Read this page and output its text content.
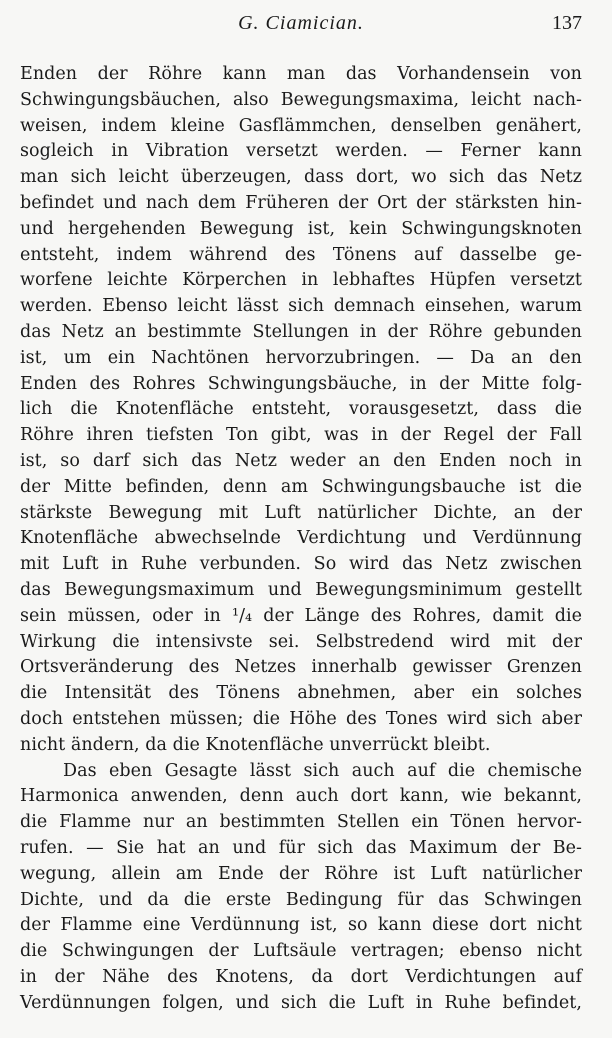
G. Ciamician.	137
Enden der Röhre kann man das Vorhandensein von
Schwingungsbäuchen, also Bewegungsmaxima, leicht nach-
weisen, indem kleine Gasflämmchen, denselben genähert,
sogleich in Vibration versetzt werden. — Ferner kann
man sich leicht überzeugen, dass dort, wo sich das Netz
befindet und nach dem Früheren der Ort der stärksten hin-
und hergehenden Bewegung ist, kein Schwingungsknoten
entsteht, indem während des Tönens auf dasselbe ge-
worfene leichte Körperchen in lebhaftes Hüpfen versetzt
werden. Ebenso leicht lässt sich demnach einsehen, warum
das Netz an bestimmte Stellungen in der Röhre gebunden
ist, um ein Nachtönen hervorzubringen. — Da an den
Enden des Rohres Schwingungsbäuche, in der Mitte folg-
lich die Knotenfläche entsteht, vorausgesetzt, dass die
Röhre ihren tiefsten Ton gibt, was in der Regel der Fall
ist, so darf sich das Netz weder an den Enden noch in
der Mitte befinden, denn am Schwingungsbauche ist die
stärkste Bewegung mit Luft natürlicher Dichte, an der
Knotenfläche abwechselnde Verdichtung und Verdünnung
mit Luft in Ruhe verbunden. So wird das Netz zwischen
das Bewegungsmaximum und Bewegungsminimum gestellt
sein müssen, oder in ¹/₄ der Länge des Rohres, damit die
Wirkung die intensivste sei. Selbstredend wird mit der
Ortsveränderung des Netzes innerhalb gewisser Grenzen
die Intensität des Tönens abnehmen, aber ein solches
doch entstehen müssen; die Höhe des Tones wird sich aber
nicht ändern, da die Knotenfläche unverrückt bleibt.
Das eben Gesagte lässt sich auch auf die chemische
Harmonica anwenden, denn auch dort kann, wie bekannt,
die Flamme nur an bestimmten Stellen ein Tönen hervor-
rufen. — Sie hat an und für sich das Maximum der Be-
wegung, allein am Ende der Röhre ist Luft natürlicher
Dichte, und da die erste Bedingung für das Schwingen
der Flamme eine Verdünnung ist, so kann diese dort nicht
die Schwingungen der Luftsäule vertragen; ebenso nicht
in der Nähe des Knotens, da dort Verdichtungen auf
Verdünnungen folgen, und sich die Luft in Ruhe befindet,
